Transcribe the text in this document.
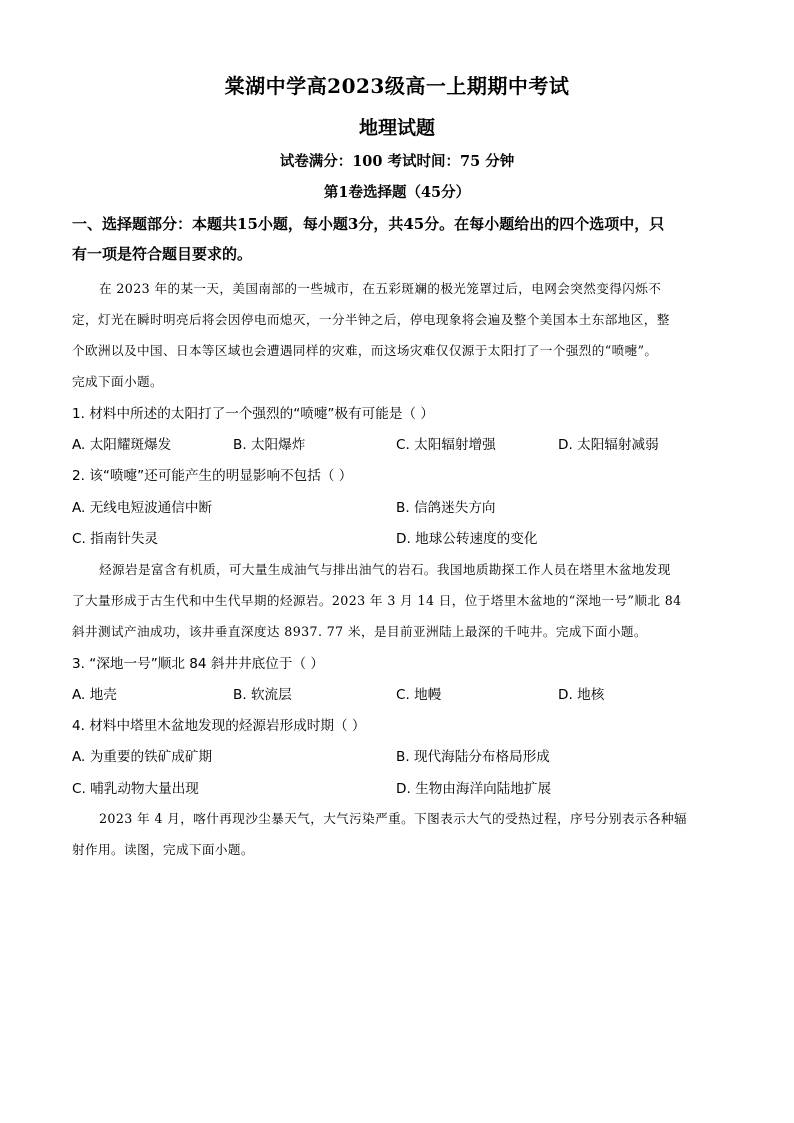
棠湖中学高2023级高一上期期中考试
地理试题
试卷满分：100 考试时间：75 分钟
第1卷选择题（45分）
一、选择题部分：本题共15小题，每小题3分，共45分。在每小题给出的四个选项中，只
有一项是符合题目要求的。
在 2023 年的某一天，美国南部的一些城市，在五彩斑斓的极光笼罩过后，电网会突然变得闪烁不
定，灯光在瞬时明亮后将会因停电而熄灭，一分半钟之后，停电现象将会遍及整个美国本土东部地区，整
个欧洲以及中国、日本等区域也会遭遇同样的灾难，而这场灾难仅仅源于太阳打了一个强烈的“喷嚏”。
完成下面小题。
1. 材料中所述的太阳打了一个强烈的“喷嚏”极有可能是（ ）
A. 太阳耀斑爆发	B. 太阳爆炸	C. 太阳辐射增强	D. 太阳辐射减弱
2. 该“喷嚏”还可能产生的明显影响不包括（ ）
A. 无线电短波通信中断	B. 信鸽迷失方向
C. 指南针失灵	D. 地球公转速度的变化
烃源岩是富含有机质，可大量生成油气与排出油气的岩石。我国地质勘探工作人员在塔里木盆地发现
了大量形成于古生代和中生代早期的烃源岩。2023 年 3 月 14 日，位于塔里木盆地的“深地一号”顺北 84
斜井测试产油成功，该井垂直深度达 8937. 77 米，是目前亚洲陆上最深的千吨井。完成下面小题。
3. “深地一号”顺北 84 斜井井底位于（ ）
A. 地壳	B. 软流层	C. 地幔	D. 地核
4. 材料中塔里木盆地发现的烃源岩形成时期（ ）
A. 为重要的铁矿成矿期	B. 现代海陆分布格局形成
C. 哺乳动物大量出现	D. 生物由海洋向陆地扩展
2023 年 4 月，喀什再现沙尘暴天气，大气污染严重。下图表示大气的受热过程，序号分别表示各种辐
射作用。读图，完成下面小题。
